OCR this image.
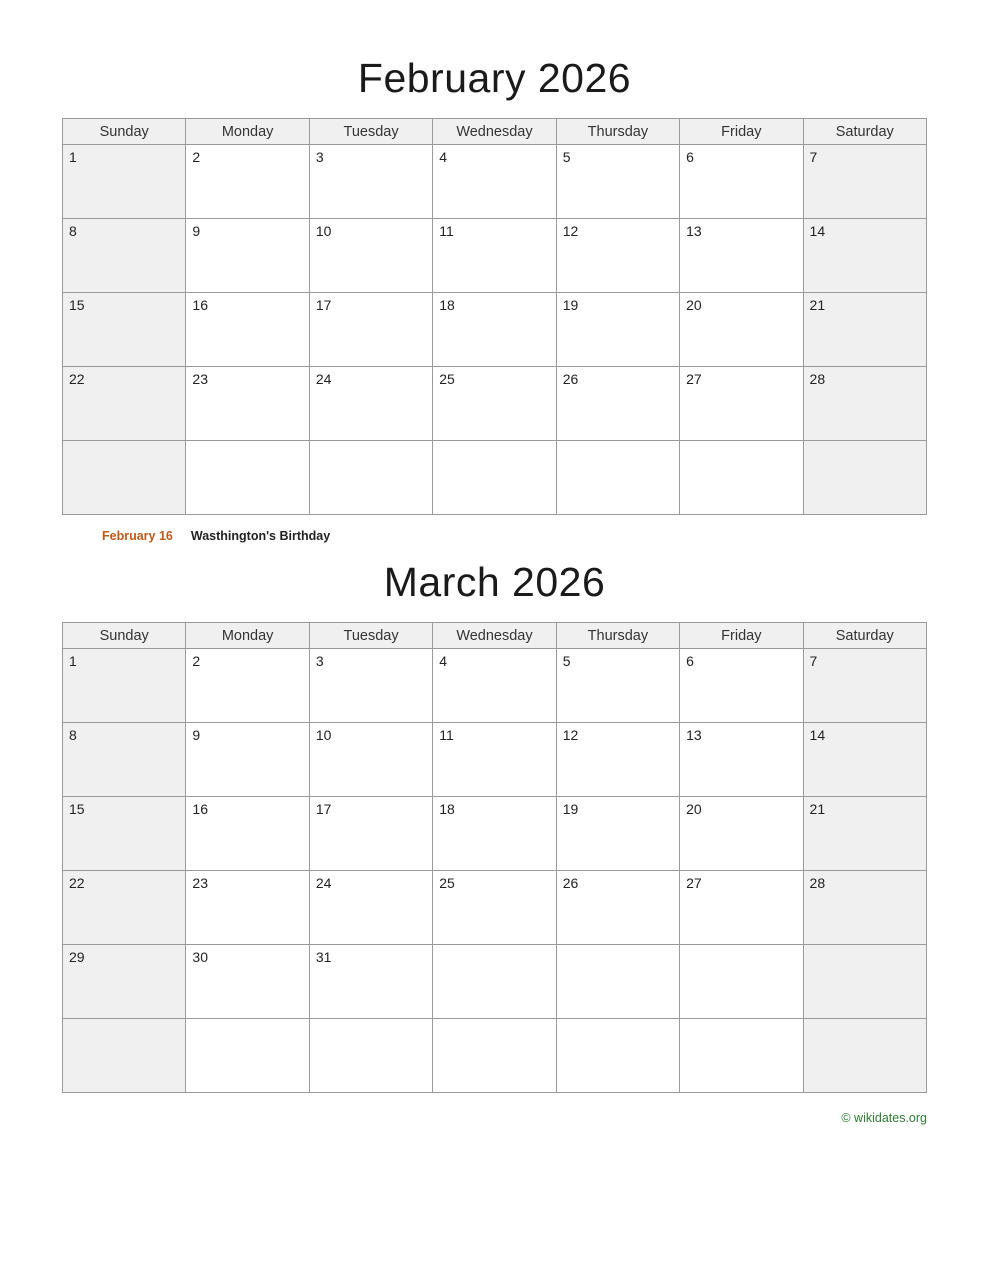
February 2026
Sunday	Monday	Tuesday	Wednesday	Thursday	Friday	Saturday

1	2	3	4	5	6	7

8	9	10	11	12	13	14

15	16	17	18	19	20	21

22	23	24	25	26	27	28

February 16 Wasthington's Birthday
March 2026
Sunday	Monday	Tuesday	Wednesday	Thursday	Friday	Saturday

1	2	3	4	5	6	7

8	9	10	11	12	13	14

15	16	17	18	19	20	21

22	23	24	25	26	27	28

29	30	31				

© wikidates.org
